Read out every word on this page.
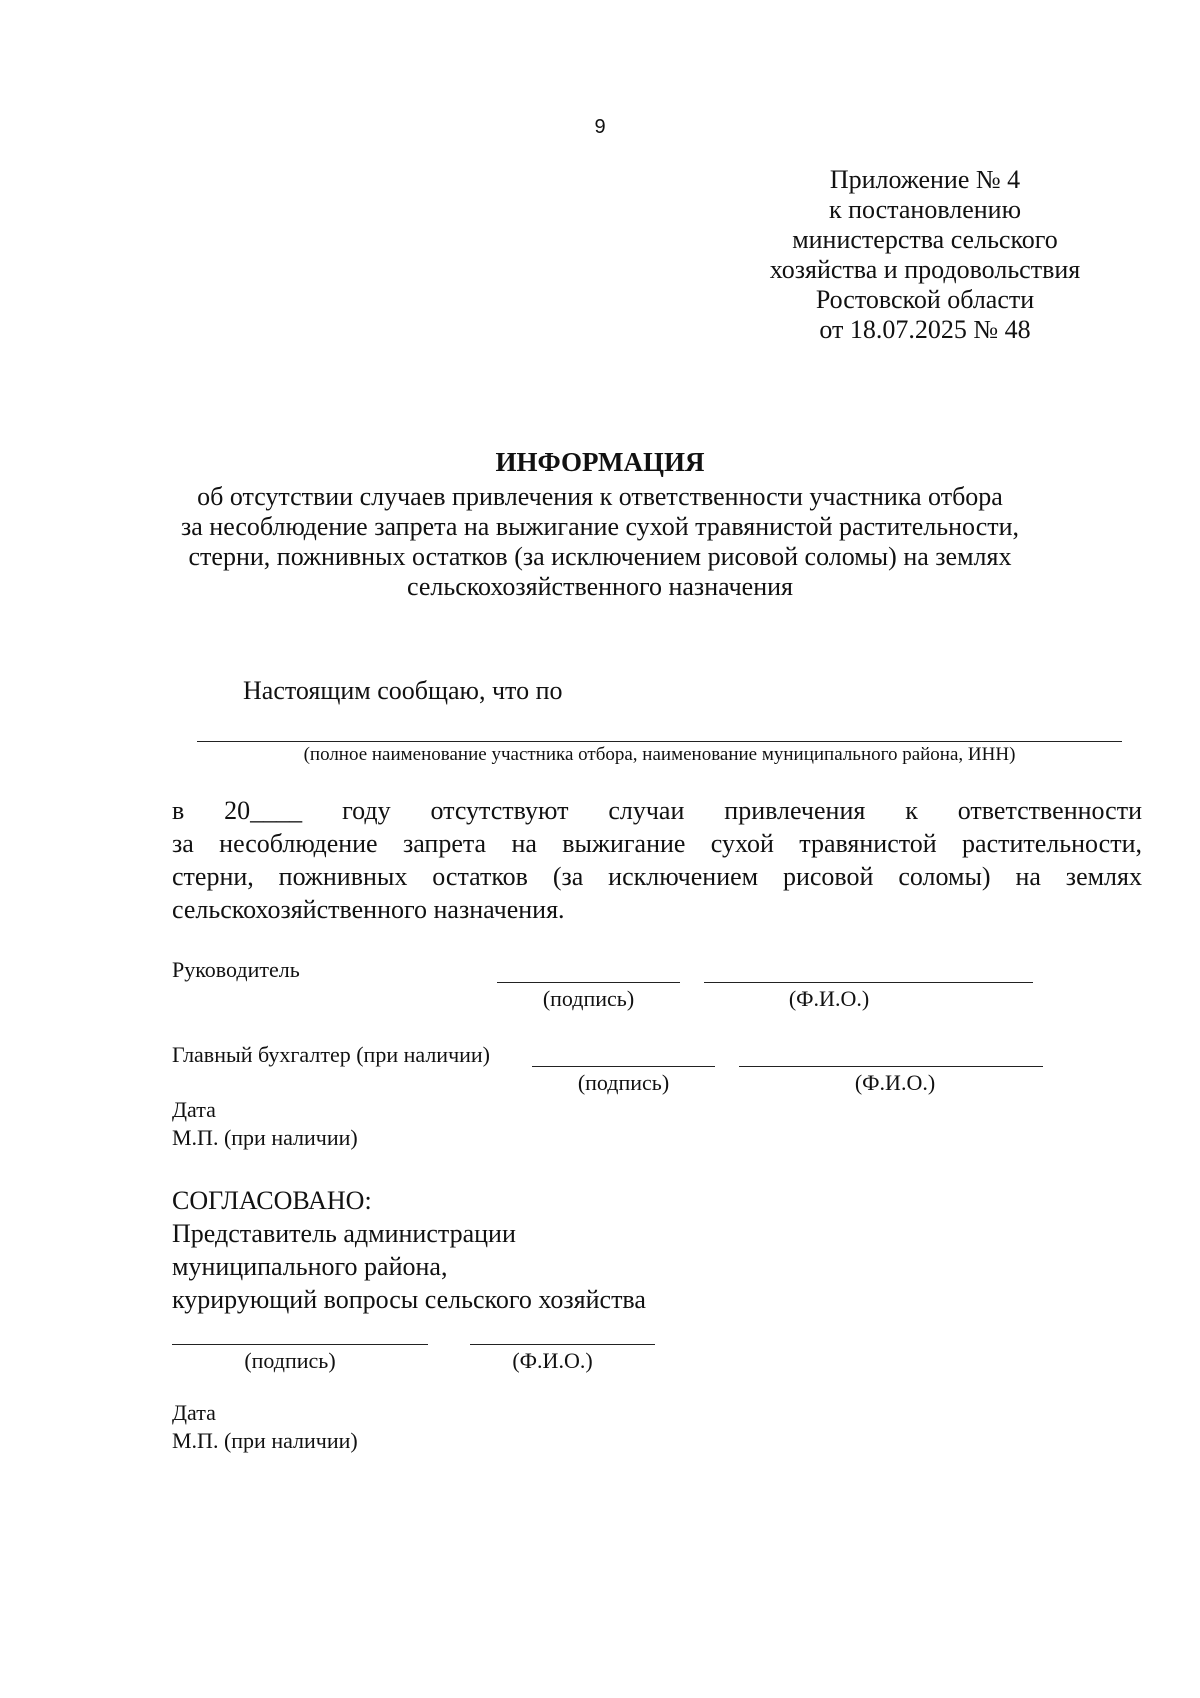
9
Приложение № 4
к постановлению
министерства сельского
хозяйства и продовольствия
Ростовской области
от 18.07.2025 № 48
ИНФОРМАЦИЯ
об отсутствии случаев привлечения к ответственности участника отбора
за несоблюдение запрета на выжигание сухой травянистой растительности,
стерни, пожнивных остатков (за исключением рисовой соломы) на землях
сельскохозяйственного назначения
Настоящим сообщаю, что по
(полное наименование участника отбора, наименование муниципального района, ИНН)
в 20____ году отсутствуют случаи привлечения к ответственности
за несоблюдение запрета на выжигание сухой травянистой растительности,
стерни, пожнивных остатков (за исключением рисовой соломы) на землях
сельскохозяйственного назначения.
Руководитель
(подпись)	(Ф.И.О.)
Главный бухгалтер (при наличии)
(подпись)	(Ф.И.О.)
Дата
М.П. (при наличии)
СОГЛАСОВАНО:
Представитель администрации
муниципального района,
курирующий вопросы сельского хозяйства
(подпись)	(Ф.И.О.)
Дата
М.П. (при наличии)
